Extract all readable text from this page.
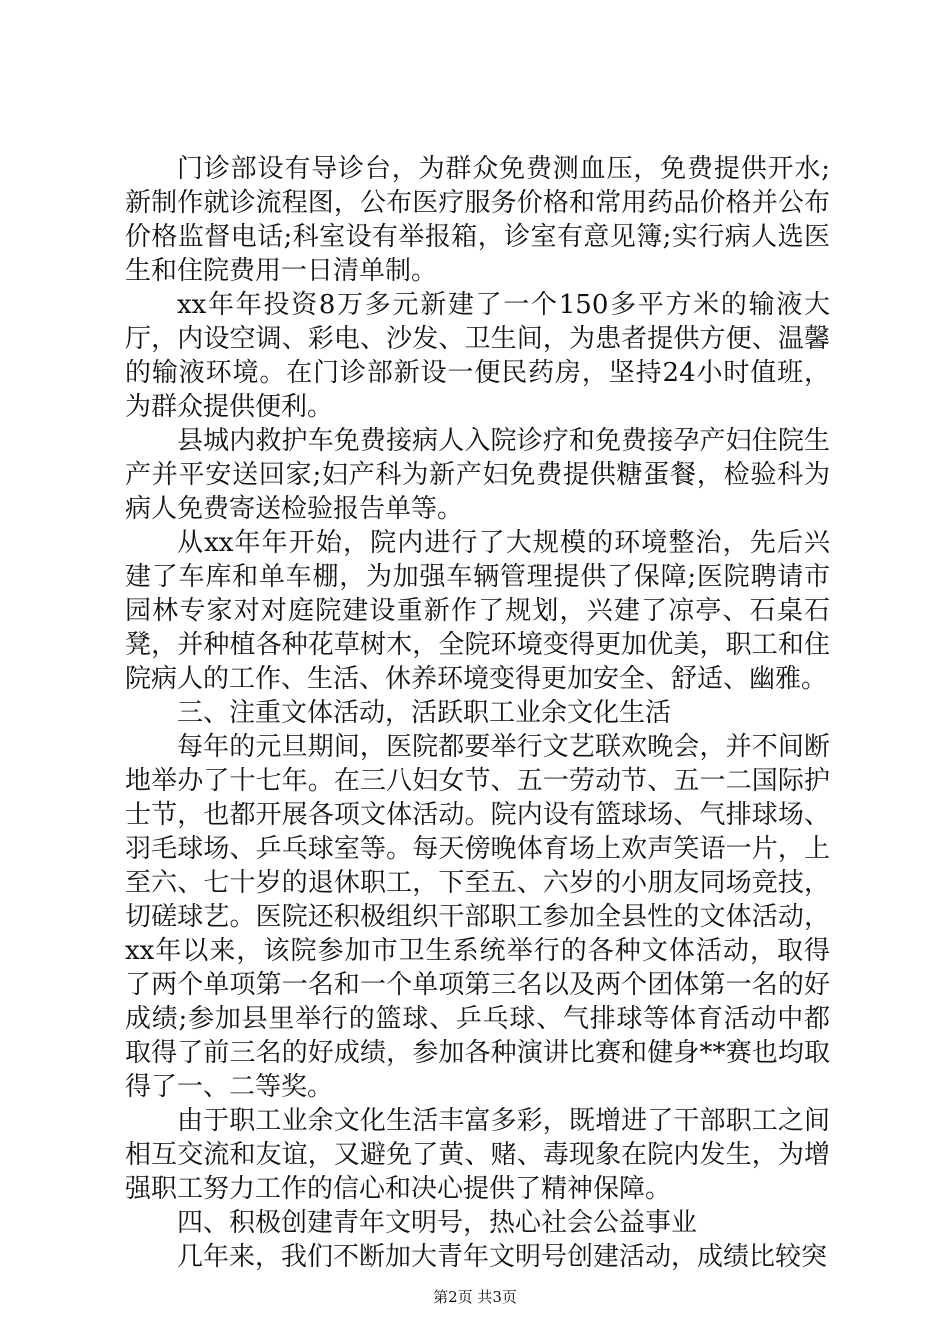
门诊部设有导诊台，为群众免费测血压，免费提供开水;新制作就诊流程图，公布医疗服务价格和常用药品价格并公布价格监督电话;科室设有举报箱，诊室有意见簿;实行病人选医生和住院费用一日清单制。

xx年年投资8万多元新建了一个150多平方米的输液大厅，内设空调、彩电、沙发、卫生间，为患者提供方便、温馨的输液环境。在门诊部新设一便民药房，坚持24小时值班，为群众提供便利。

县城内救护车免费接病人入院诊疗和免费接孕产妇住院生产并平安送回家;妇产科为新产妇免费提供糖蛋餐，检验科为病人免费寄送检验报告单等。

从xx年年开始，院内进行了大规模的环境整治，先后兴建了车库和单车棚，为加强车辆管理提供了保障;医院聘请市园林专家对对庭院建设重新作了规划，兴建了凉亭、石桌石凳，并种植各种花草树木，全院环境变得更加优美，职工和住院病人的工作、生活、休养环境变得更加安全、舒适、幽雅。

三、注重文体活动，活跃职工业余文化生活

每年的元旦期间，医院都要举行文艺联欢晚会，并不间断地举办了十七年。在三八妇女节、五一劳动节、五一二国际护士节，也都开展各项文体活动。院内设有篮球场、气排球场、羽毛球场、乒乓球室等。每天傍晚体育场上欢声笑语一片，上至六、七十岁的退休职工，下至五、六岁的小朋友同场竞技，切磋球艺。医院还积极组织干部职工参加全县性的文体活动，xx年以来，该院参加市卫生系统举行的各种文体活动，取得了两个单项第一名和一个单项第三名以及两个团体第一名的好成绩;参加县里举行的篮球、乒乓球、气排球等体育活动中都取得了前三名的好成绩，参加各种演讲比赛和健身**赛也均取得了一、二等奖。

由于职工业余文化生活丰富多彩，既增进了干部职工之间相互交流和友谊，又避免了黄、赌、毒现象在院内发生，为增强职工努力工作的信心和决心提供了精神保障。

四、积极创建青年文明号，热心社会公益事业

几年来，我们不断加大青年文明号创建活动，成绩比较突

第2页 共3页
